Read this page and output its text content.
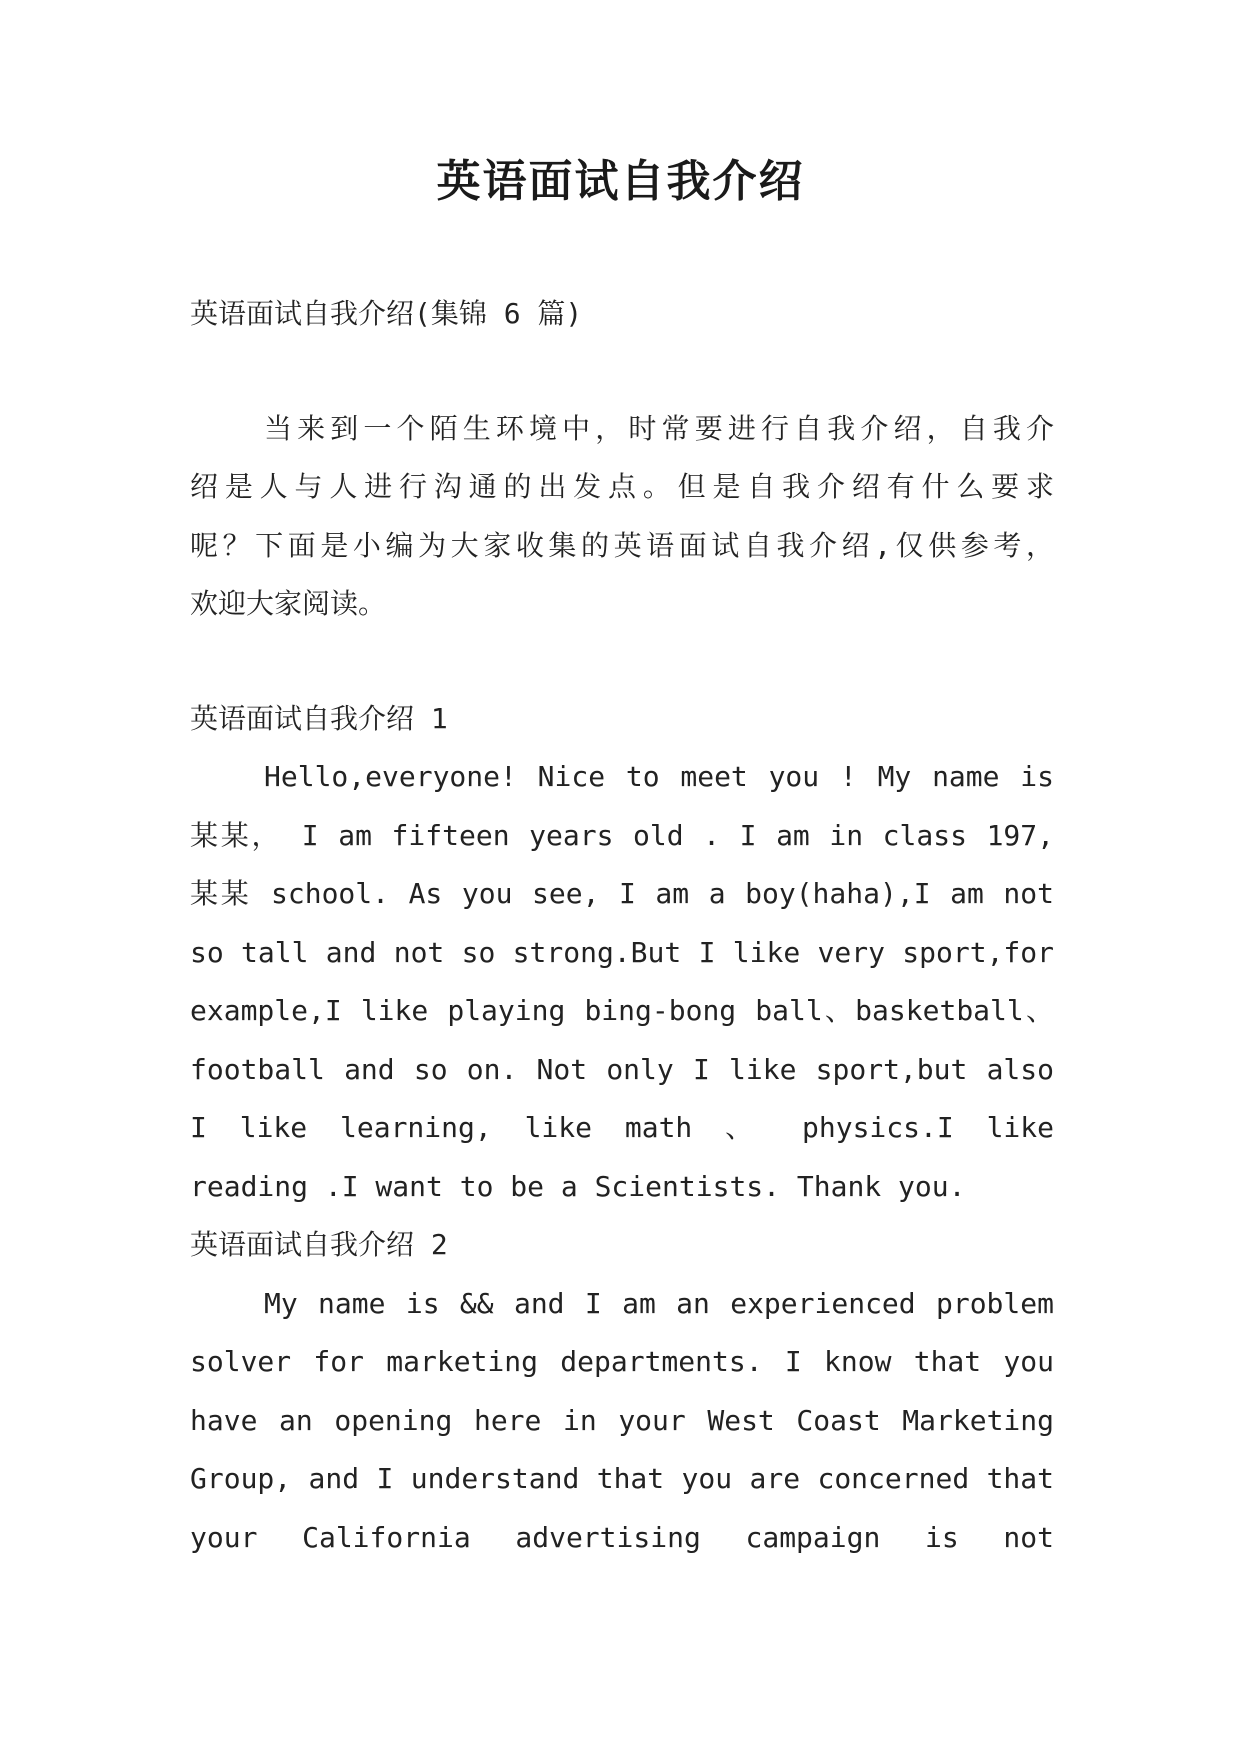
英语面试自我介绍

英语面试自我介绍(集锦 6 篇)

当来到一个陌生环境中，时常要进行自我介绍，自我介

绍是人与人进行沟通的出发点。但是自我介绍有什么要求

呢？下面是小编为大家收集的英语面试自我介绍,仅供参考，

欢迎大家阅读。

英语面试自我介绍 1

Hello,everyone! Nice to meet you ! My name is

某某， I am fifteen years old . I am in class 197,

某某 school. As you see, I am a boy(haha),I am not

so tall and not so strong.But I like very sport,for

example,I like playing bing-bong ball、basketball、

football and so on. Not only I like sport,but also

I like learning, like math 、 physics.I like

reading .I want to be a Scientists. Thank you.

英语面试自我介绍 2

My name is && and I am an experienced problem

solver for marketing departments. I know that you

have an opening here in your West Coast Marketing

Group, and I understand that you are concerned that

your California advertising campaign is not
